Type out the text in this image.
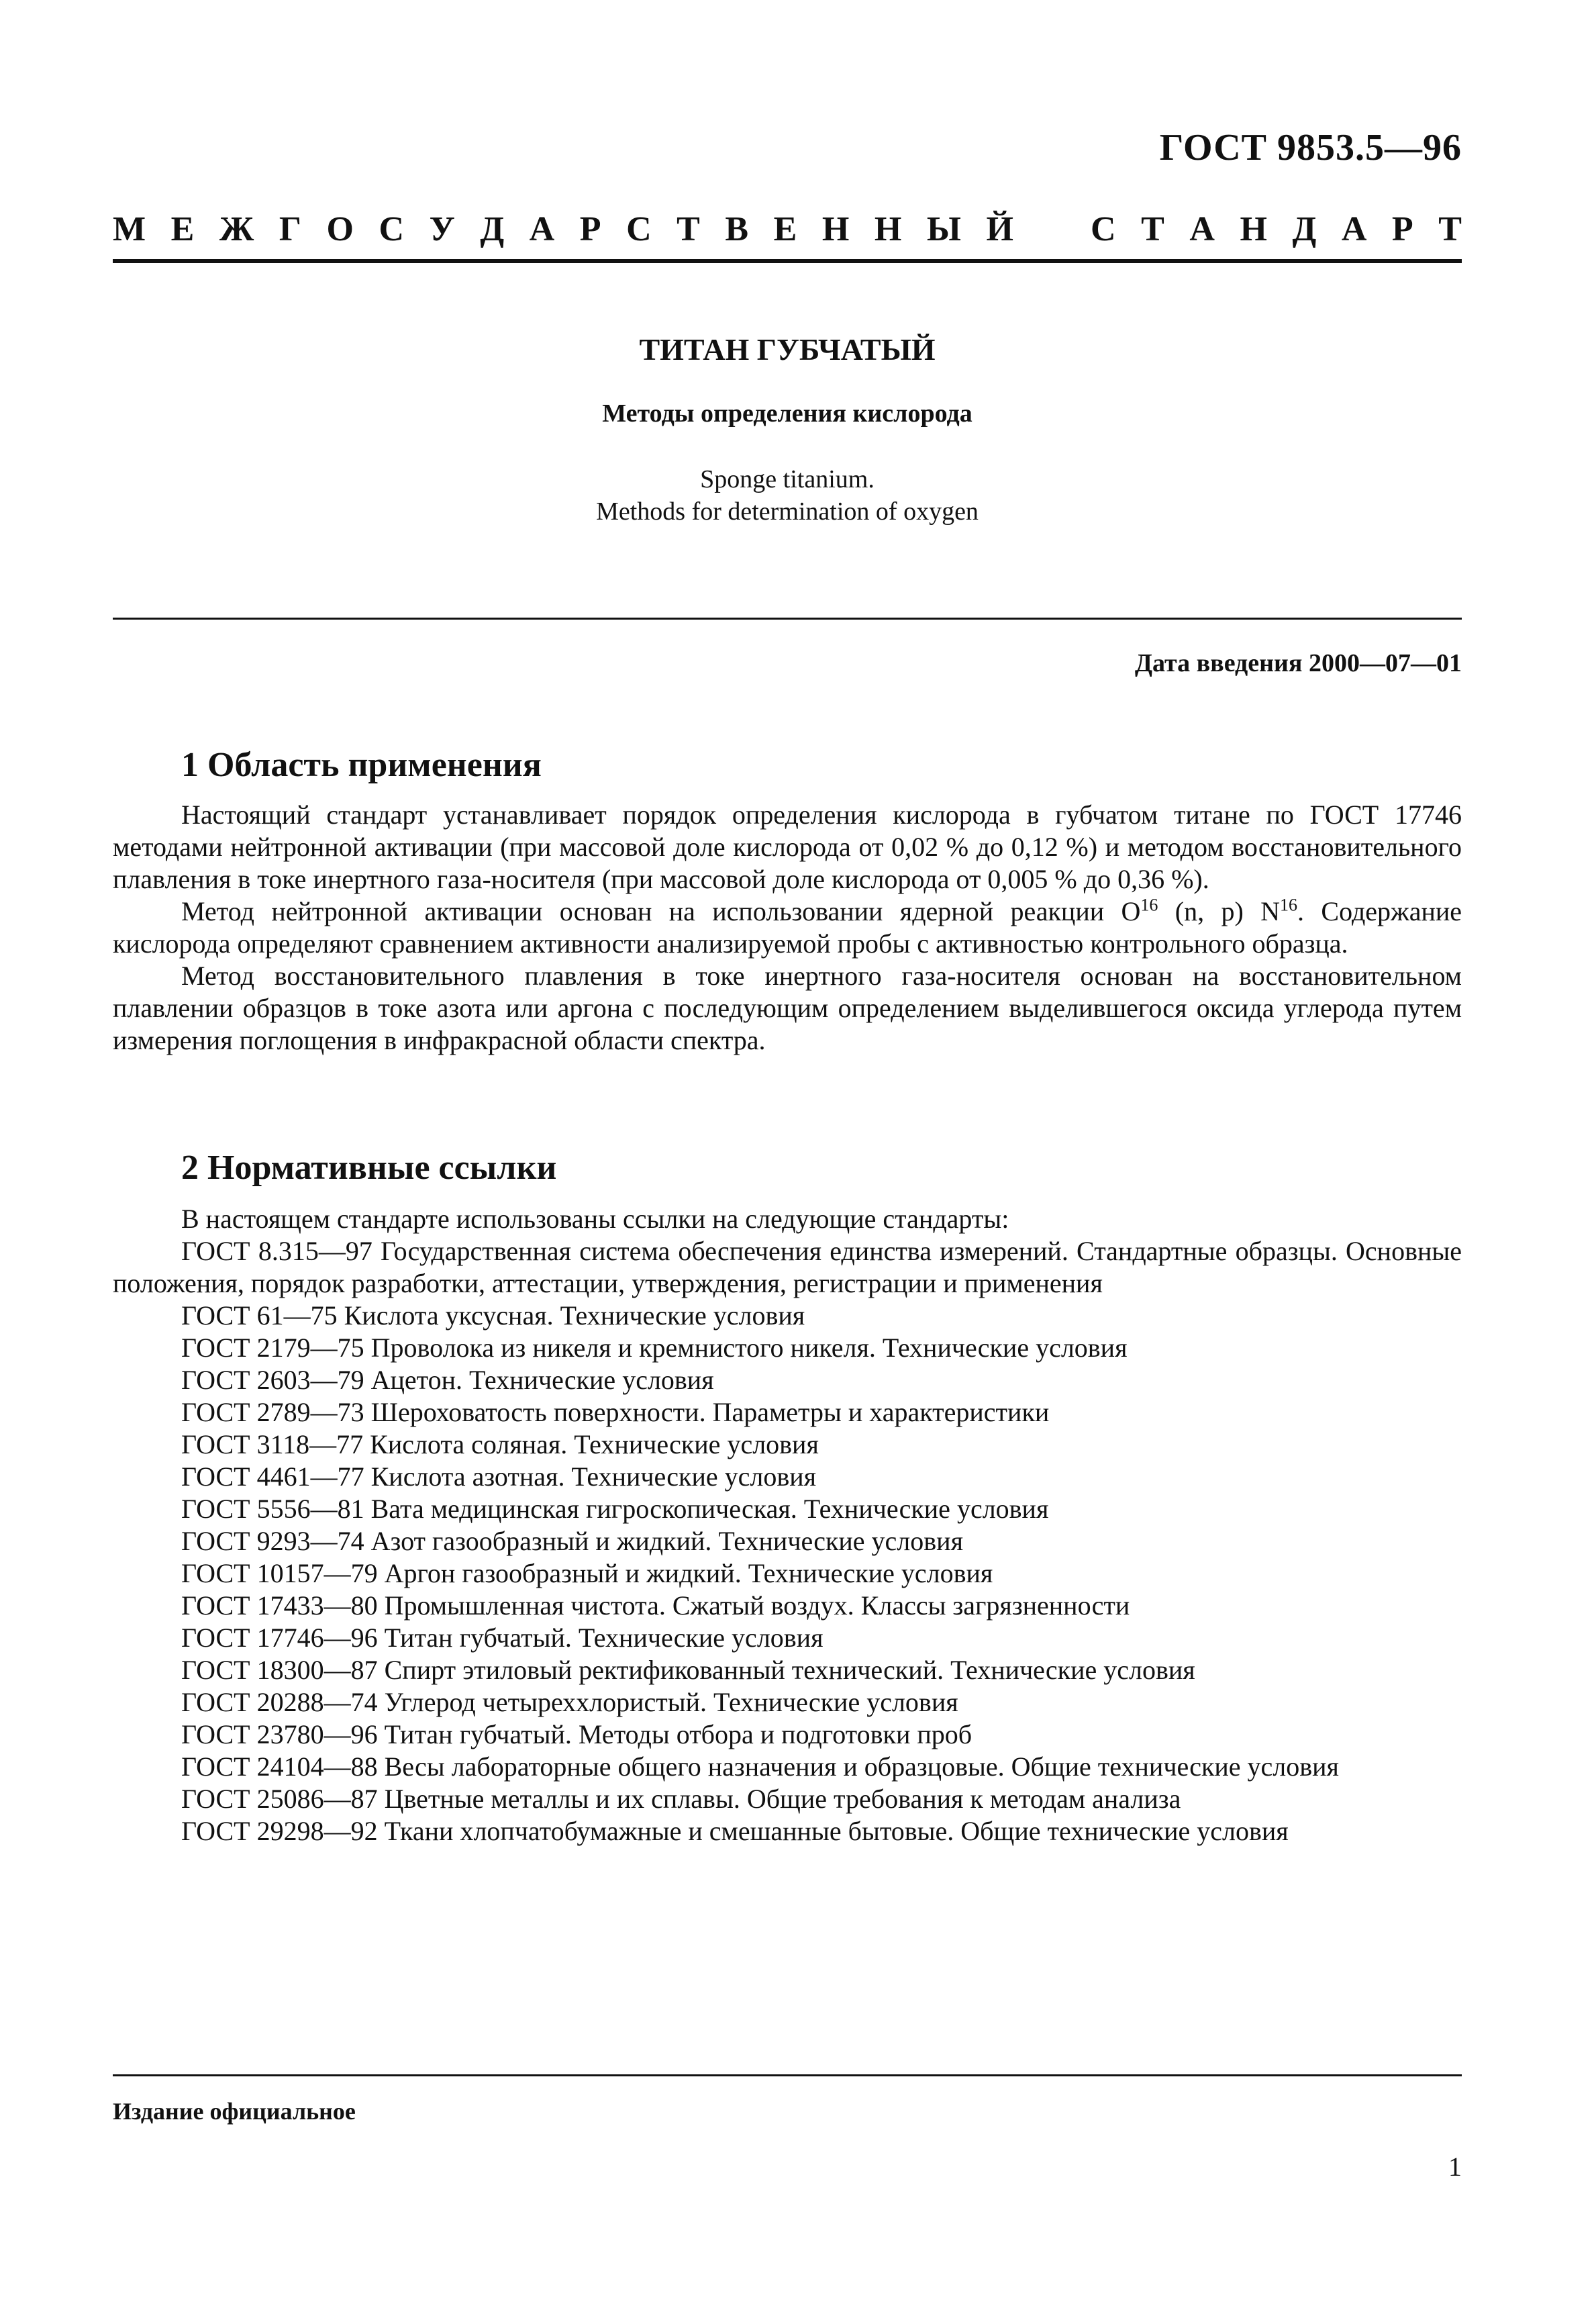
ГОСТ 9853.5—96
М Е Ж Г О С У Д А Р С Т В Е Н Н Ы Й С Т А Н Д А Р Т
ТИТАН ГУБЧАТЫЙ
Методы определения кислорода
Sponge titanium.
Methods for determination of oxygen
Дата введения 2000—07—01
1 Область применения

Настоящий стандарт устанавливает порядок определения кислорода в губчатом титане по ГОСТ 17746 методами нейтронной активации (при массовой доле кислорода от 0,02 % до 0,12 %) и методом восстановительного плавления в токе инертного газа-носителя (при массовой доле кислорода от 0,005 % до 0,36 %).

Метод нейтронной активации основан на использовании ядерной реакции $O^{16}$ (n, p) $N^{16}$. Содержание кислорода определяют сравнением активности анализируемой пробы с активностью контрольного образца.

Метод восстановительного плавления в токе инертного газа-носителя основан на восстановительном плавлении образцов в токе азота или аргона с последующим определением выделившегося оксида углерода путем измерения поглощения в инфракрасной области спектра.

2 Нормативные ссылки

В настоящем стандарте использованы ссылки на следующие стандарты:

ГОСТ 8.315—97 Государственная система обеспечения единства измерений. Стандартные образцы. Основные положения, порядок разработки, аттестации, утверждения, регистрации и применения

ГОСТ 61—75 Кислота уксусная. Технические условия

ГОСТ 2179—75 Проволока из никеля и кремнистого никеля. Технические условия

ГОСТ 2603—79 Ацетон. Технические условия

ГОСТ 2789—73 Шероховатость поверхности. Параметры и характеристики

ГОСТ 3118—77 Кислота соляная. Технические условия

ГОСТ 4461—77 Кислота азотная. Технические условия

ГОСТ 5556—81 Вата медицинская гигроскопическая. Технические условия

ГОСТ 9293—74 Азот газообразный и жидкий. Технические условия

ГОСТ 10157—79 Аргон газообразный и жидкий. Технические условия

ГОСТ 17433—80 Промышленная чистота. Сжатый воздух. Классы загрязненности

ГОСТ 17746—96 Титан губчатый. Технические условия

ГОСТ 18300—87 Спирт этиловый ректификованный технический. Технические условия

ГОСТ 20288—74 Углерод четыреххлористый. Технические условия

ГОСТ 23780—96 Титан губчатый. Методы отбора и подготовки проб

ГОСТ 24104—88 Весы лабораторные общего назначения и образцовые. Общие технические условия

ГОСТ 25086—87 Цветные металлы и их сплавы. Общие требования к методам анализа

ГОСТ 29298—92 Ткани хлопчатобумажные и смешанные бытовые. Общие технические условия

Издание официальное
1
